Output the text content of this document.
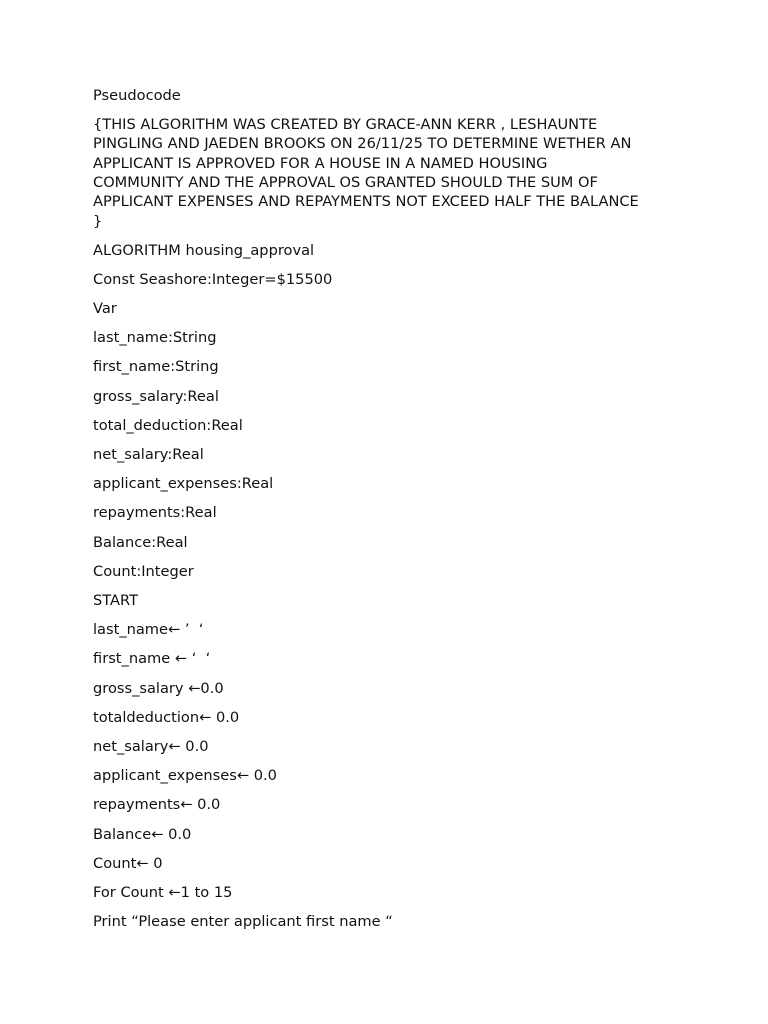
Pseudocode
{THIS ALGORITHM WAS CREATED BY GRACE-ANN KERR , LESHAUNTE
PINGLING AND JAEDEN BROOKS ON 26/11/25 TO DETERMINE WETHER AN
APPLICANT IS APPROVED FOR A HOUSE IN A NAMED HOUSING
COMMUNITY AND THE APPROVAL OS GRANTED SHOULD THE SUM OF
APPLICANT EXPENSES AND REPAYMENTS NOT EXCEED HALF THE BALANCE
}
ALGORITHM housing_approval
Const Seashore:Integer=$15500
Var
last_name:String
first_name:String
gross_salary:Real
total_deduction:Real
net_salary:Real
applicant_expenses:Real
repayments:Real
Balance:Real
Count:Integer
START
last_name← ’  ‘
first_name ← ‘  ‘
gross_salary ←0.0
totaldeduction← 0.0
net_salary← 0.0
applicant_expenses← 0.0
repayments← 0.0
Balance← 0.0
Count← 0
For Count ←1 to 15
Print “Please enter applicant first name “
